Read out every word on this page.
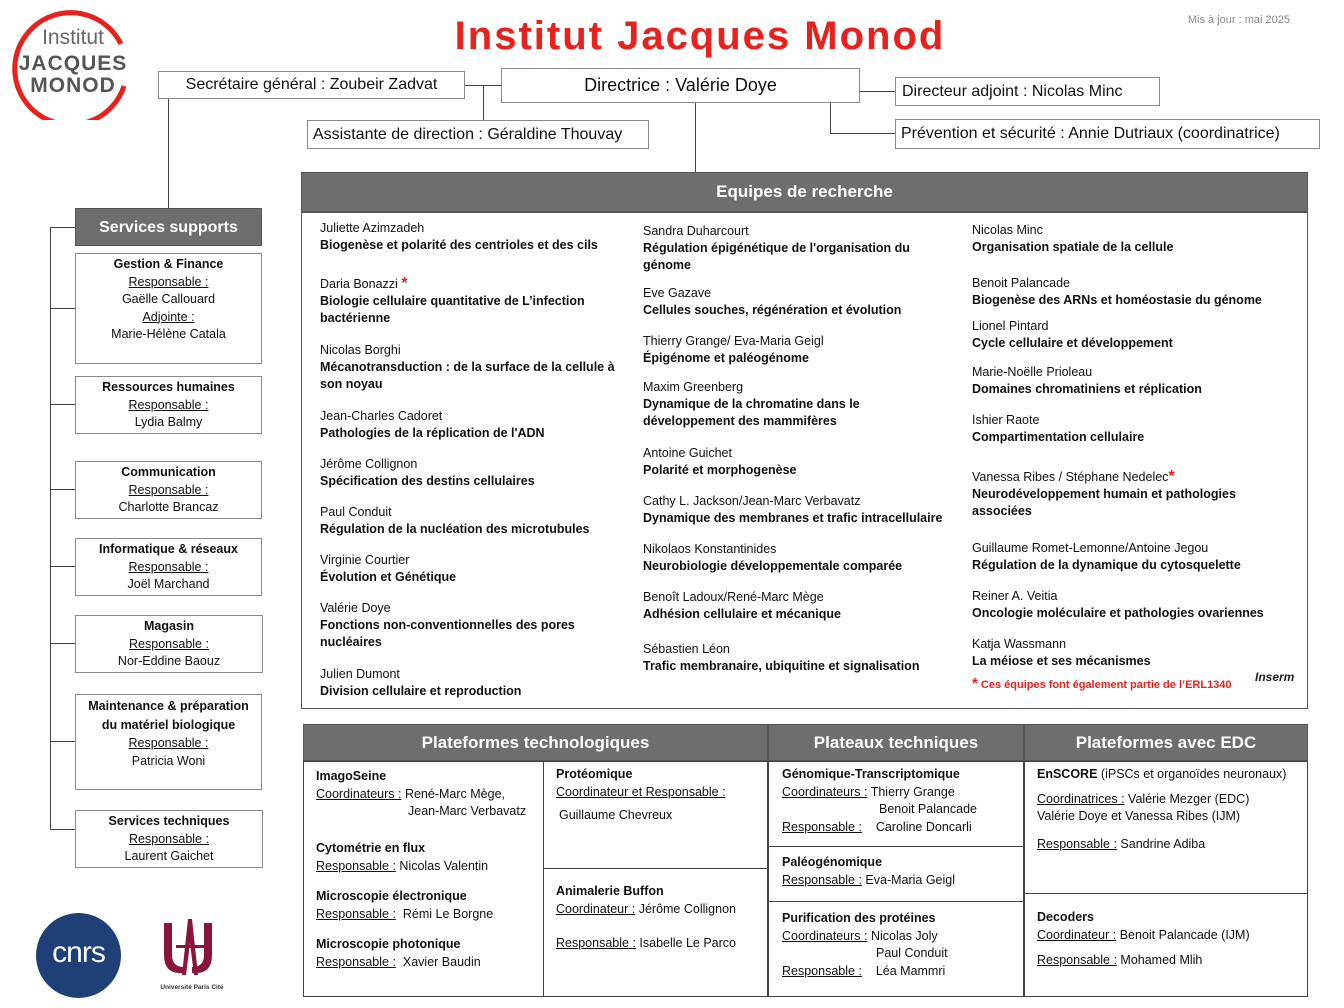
Institut
JACQUES
MONOD
Institut Jacques Monod	Mis à jour : mai 2025
Secrétaire général : Zoubeir Zadvat	Directrice : Valérie Doye	Directeur adjoint : Nicolas Minc
Assistante de direction : Géraldine Thouvay	Prévention et sécurité : Annie Dutriaux (coordinatrice)
Services supports
Gestion & Finance
Responsable :
Gaëlle Callouard
Adjointe :
Marie-Hélène Catala
Ressources humaines
Responsable :
Lydia Balmy
Communication
Responsable :
Charlotte Brancaz
Informatique & réseaux
Responsable :
Joël Marchand
Magasin
Responsable :
Nor-Eddine Baouz
Maintenance & préparation du matériel biologique
Responsable :
Patricia Woni
Services techniques
Responsable :
Laurent Gaichet
cnrs
Université Paris Cité
Equipes de recherche
Juliette Azimzadeh
Biogenèse et polarité des centrioles et des cils
Daria Bonazzi *
Biologie cellulaire quantitative de L’infection bactérienne
Nicolas Borghi
Mécanotransduction : de la surface de la cellule à son noyau
Jean-Charles Cadoret
Pathologies de la réplication de l'ADN
Jérôme Collignon
Spécification des destins cellulaires
Paul Conduit
Régulation de la nucléation des microtubules
Virginie Courtier
Évolution et Génétique
Valérie Doye
Fonctions non-conventionnelles des pores nucléaires
Julien Dumont
Division cellulaire et reproduction
Sandra Duharcourt
Régulation épigénétique de l'organisation du génome
Eve Gazave
Cellules souches, régénération et évolution
Thierry Grange/ Eva-Maria Geigl
Épigénome et paléogénome
Maxim Greenberg
Dynamique de la chromatine dans le développement des mammifères
Antoine Guichet
Polarité et morphogenèse
Cathy L. Jackson/Jean-Marc Verbavatz
Dynamique des membranes et trafic intracellulaire
Nikolaos Konstantinides
Neurobiologie développementale comparée
Benoît Ladoux/René-Marc Mège
Adhésion cellulaire et mécanique
Sébastien Léon
Trafic membranaire, ubiquitine et signalisation
Nicolas Minc
Organisation spatiale de la cellule
Benoit Palancade
Biogenèse des ARNs et homéostasie du génome
Lionel Pintard
Cycle cellulaire et développement
Marie-Noëlle Prioleau
Domaines chromatiniens et réplication
Ishier Raote
Compartimentation cellulaire
Vanessa Ribes / Stéphane Nedelec*
Neurodéveloppement humain et pathologies associées
Guillaume Romet-Lemonne/Antoine Jegou
Régulation de la dynamique du cytosquelette
Reiner A. Veitia
Oncologie moléculaire et pathologies ovariennes
Katja Wassmann
La méiose et ses mécanismes
* Ces équipes font également partie de l’ERL1340
Inserm
Plateformes technologiques	Plateaux techniques	Plateformes avec EDC
ImagoSeine
Coordinateurs : René-Marc Mège,
Jean-Marc Verbavatz
Cytométrie en flux
Responsable : Nicolas Valentin
Microscopie électronique
Responsable : Rémi Le Borgne
Microscopie photonique
Responsable : Xavier Baudin
Protéomique
Coordinateur et Responsable :
Guillaume Chevreux
Animalerie Buffon
Coordinateur : Jérôme Collignon
Responsable : Isabelle Le Parco
Génomique-Transcriptomique
Coordinateurs : Thierry Grange
Benoit Palancade
Responsable : Caroline Doncarli
Paléogénomique
Responsable : Eva-Maria Geigl
Purification des protéines
Coordinateurs : Nicolas Joly
Paul Conduit
Responsable : Léa Mammri
EnSCORE (iPSCs et organoïdes neuronaux)
Coordinatrices : Valérie Mezger (EDC)
Valérie Doye et Vanessa Ribes (IJM)
Responsable : Sandrine Adiba
Decoders
Coordinateur : Benoit Palancade (IJM)
Responsable : Mohamed Mlih
